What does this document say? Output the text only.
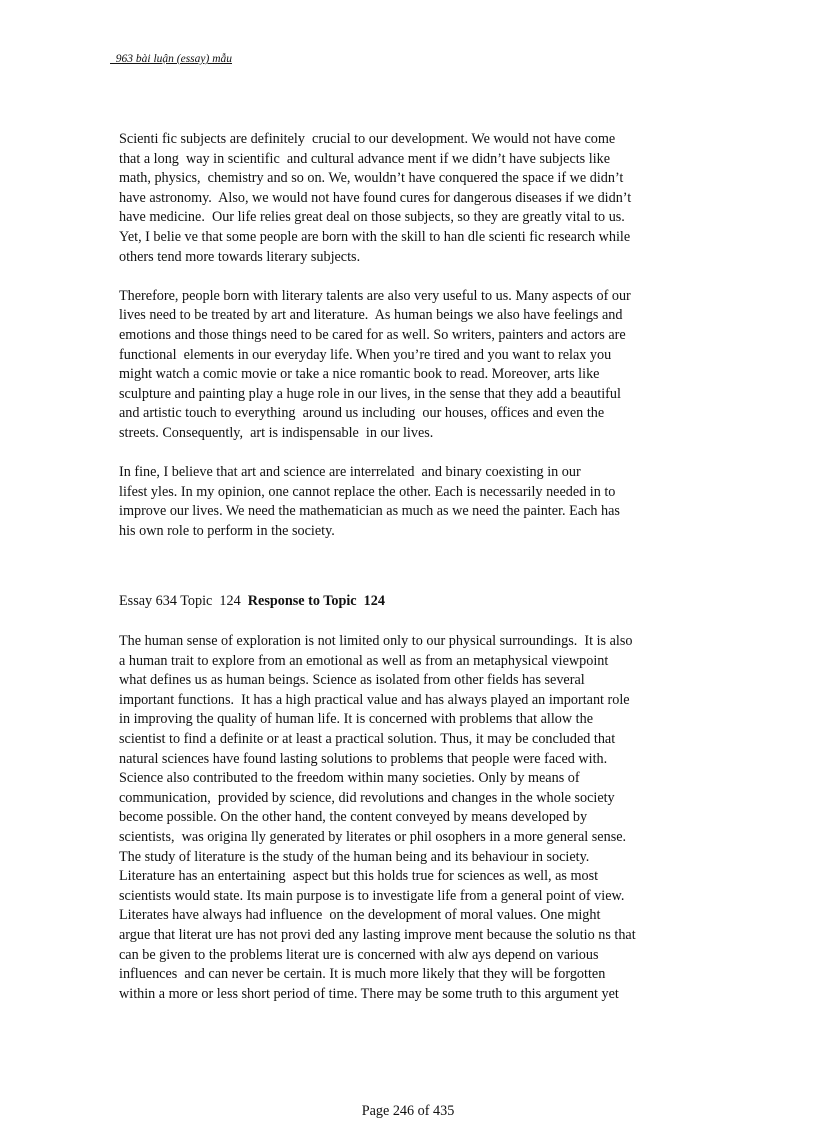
963 bài luận (essay) mẫu

Scienti fic subjects are definitely  crucial to our development. We would not have come
that a long  way in scientific  and cultural advance ment if we didn’t have subjects like
math, physics,  chemistry and so on. We, wouldn’t have conquered the space if we didn’t
have astronomy.  Also, we would not have found cures for dangerous diseases if we didn’t
have medicine.  Our life relies great deal on those subjects, so they are greatly vital to us.
Yet, I belie ve that some people are born with the skill to han dle scienti fic research while
others tend more towards literary subjects.

Therefore, people born with literary talents are also very useful to us. Many aspects of our
lives need to be treated by art and literature.  As human beings we also have feelings and
emotions and those things need to be cared for as well. So writers, painters and actors are
functional  elements in our everyday life. When you’re tired and you want to relax you
might watch a comic movie or take a nice romantic book to read. Moreover, arts like
sculpture and painting play a huge role in our lives, in the sense that they add a beautiful
and artistic touch to everything  around us including  our houses, offices and even the
streets. Consequently,  art is indispensable  in our lives.

In fine, I believe that art and science are interrelated  and binary coexisting in our
lifest yles. In my opinion, one cannot replace the other. Each is necessarily needed in to
improve our lives. We need the mathematician as much as we need the painter. Each has
his own role to perform in the society.

Essay 634 Topic  124  Response to Topic  124

The human sense of exploration is not limited only to our physical surroundings.  It is also
a human trait to explore from an emotional as well as from an metaphysical viewpoint
what defines us as human beings. Science as isolated from other fields has several
important functions.  It has a high practical value and has always played an important role
in improving the quality of human life. It is concerned with problems that allow the
scientist to find a definite or at least a practical solution. Thus, it may be concluded that
natural sciences have found lasting solutions to problems that people were faced with.
Science also contributed to the freedom within many societies. Only by means of
communication,  provided by science, did revolutions and changes in the whole society
become possible. On the other hand, the content conveyed by means developed by
scientists,  was origina lly generated by literates or phil osophers in a more general sense.
The study of literature is the study of the human being and its behaviour in society.
Literature has an entertaining  aspect but this holds true for sciences as well, as most
scientists would state. Its main purpose is to investigate life from a general point of view.
Literates have always had influence  on the development of moral values. One might
argue that literat ure has not provi ded any lasting improve ment because the solutio ns that
can be given to the problems literat ure is concerned with alw ays depend on various
influences  and can never be certain. It is much more likely that they will be forgotten
within a more or less short period of time. There may be some truth to this argument yet

Page 246 of 435
